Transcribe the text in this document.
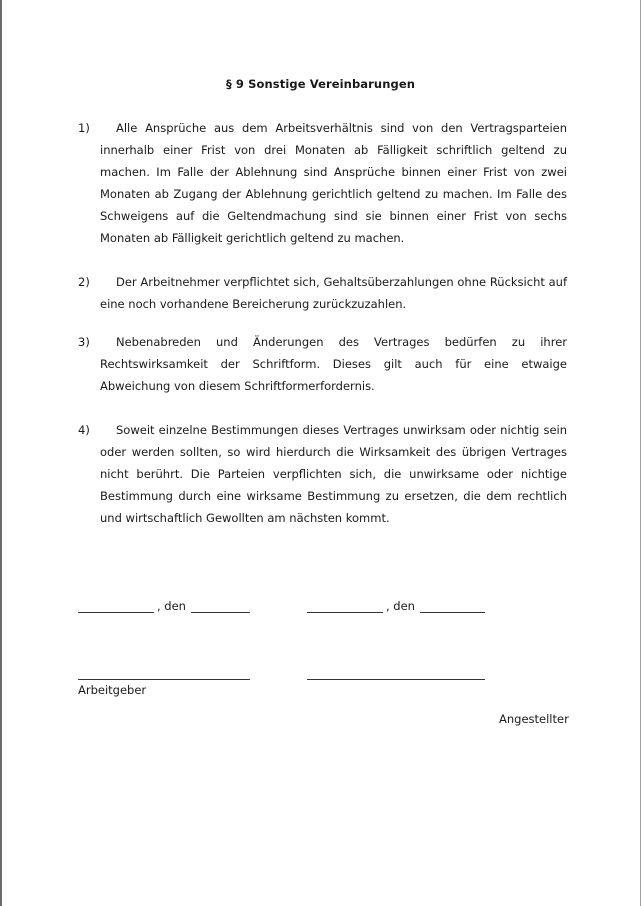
§ 9 Sonstige Vereinbarungen
1)	Alle Ansprüche aus dem Arbeitsverhältnis sind von den Vertragsparteien innerhalb einer Frist von drei Monaten ab Fälligkeit schriftlich geltend zu machen. Im Falle der Ablehnung sind Ansprüche binnen einer Frist von zwei Monaten ab Zugang der Ablehnung gerichtlich geltend zu machen. Im Falle des Schweigens auf die Geltendmachung sind sie binnen einer Frist von sechs Monaten ab Fälligkeit gerichtlich geltend zu machen.
2)	Der Arbeitnehmer verpflichtet sich, Gehaltsüberzahlungen ohne Rücksicht auf eine noch vorhandene Bereicherung zurückzuzahlen.
3)	Nebenabreden und Änderungen des Vertrages bedürfen zu ihrer Rechtswirksamkeit der Schriftform. Dieses gilt auch für eine etwaige Abweichung von diesem Schriftformerfordernis.
4)	Soweit einzelne Bestimmungen dieses Vertrages unwirksam oder nichtig sein oder werden sollten, so wird hierdurch die Wirksamkeit des übrigen Vertrages nicht berührt. Die Parteien verpflichten sich, die unwirksame oder nichtige Bestimmung durch eine wirksame Bestimmung zu ersetzen, die dem rechtlich und wirtschaftlich Gewollten am nächsten kommt.
, den	, den
Arbeitgeber
Angestellter
